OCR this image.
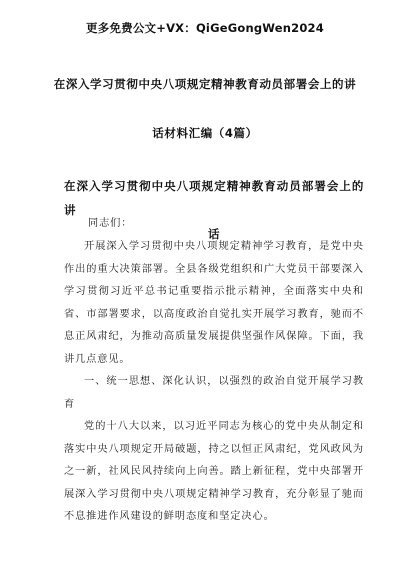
更多免费公文+VX：QiGeGongWen2024
在深入学习贯彻中央八项规定精神教育动员部署会上的讲
话材料汇编（4篇）
在深入学习贯彻中央八项规定精神教育动员部署会上的讲
话
同志们：

开展深入学习贯彻中央八项规定精神学习教育，是党中央作出的重大决策部署。全县各级党组织和广大党员干部要深入学习贯彻习近平总书记重要指示批示精神，全面落实中央和省、市部署要求，以高度政治自觉扎实开展学习教育，驰而不息正风肃纪，为推动高质量发展提供坚强作风保障。下面，我讲几点意见。

一、统一思想、深化认识，以强烈的政治自觉开展学习教育

党的十八大以来，以习近平同志为核心的党中央从制定和落实中央八项规定开局破题，持之以恒正风肃纪，党风政风为之一新，社风民风持续向上向善。踏上新征程，党中央部署开展深入学习贯彻中央八项规定精神学习教育，充分彰显了驰而不息推进作风建设的鲜明态度和坚定决心。
